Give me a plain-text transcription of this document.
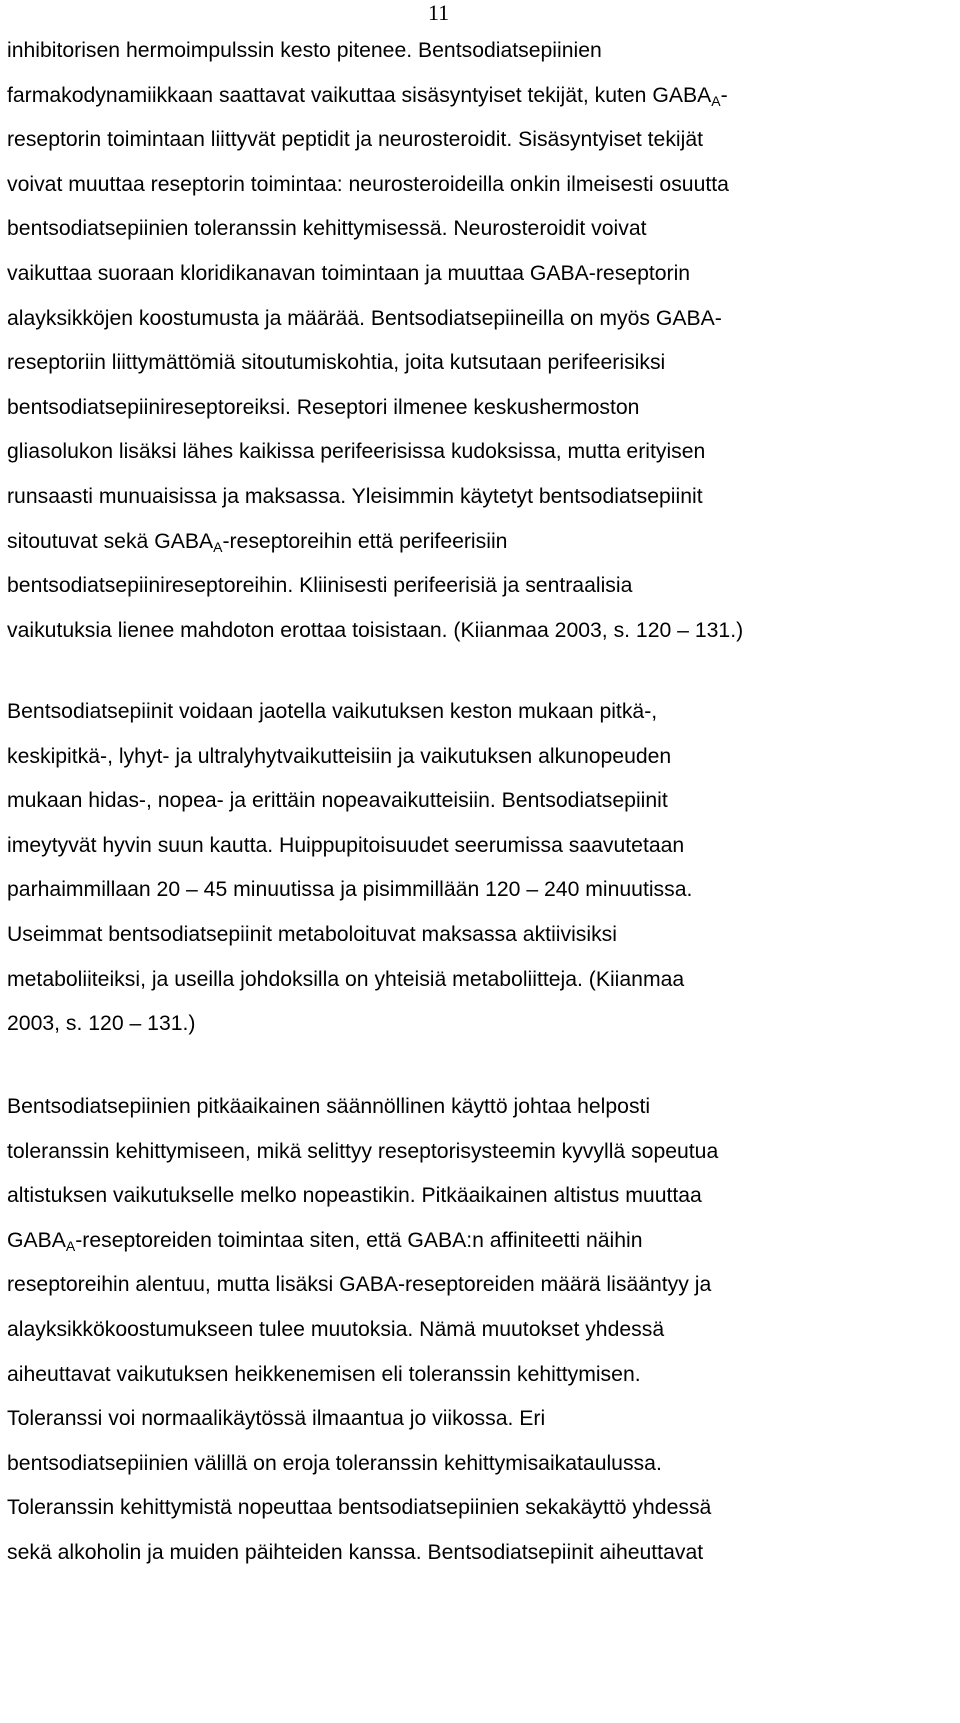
11
inhibitorisen hermoimpulssin kesto pitenee. Bentsodiatsepiinien
farmakodynamiikkaan saattavat vaikuttaa sisäsyntyiset tekijät, kuten $GABA_A-$
reseptorin toimintaan liittyvät peptidit ja neurosteroidit. Sisäsyntyiset tekijät
voivat muuttaa reseptorin toimintaa: neurosteroideilla onkin ilmeisesti osuutta
bentsodiatsepiinien toleranssin kehittymisessä. Neurosteroidit voivat
vaikuttaa suoraan kloridikanavan toimintaan ja muuttaa GABA-reseptorin
alayksikköjen koostumusta ja määrää. Bentsodiatsepiineilla on myös GABA-
reseptoriin liittymättömiä sitoutumiskohtia, joita kutsutaan perifeerisiksi
bentsodiatsepiinireseptoreiksi. Reseptori ilmenee keskushermoston
gliasolukon lisäksi lähes kaikissa perifeerisissa kudoksissa, mutta erityisen
runsaasti munuaisissa ja maksassa. Yleisimmin käytetyt bentsodiatsepiinit
sitoutuvat sekä $GABA_A$-reseptoreihin että perifeerisiin
bentsodiatsepiinireseptoreihin. Kliinisesti perifeerisiä ja sentraalisia
vaikutuksia lienee mahdoton erottaa toisistaan. (Kiianmaa 2003, s. 120 – 131.)
Bentsodiatsepiinit voidaan jaotella vaikutuksen keston mukaan pitkä-,
keskipitkä-, lyhyt- ja ultralyhytvaikutteisiin ja vaikutuksen alkunopeuden
mukaan hidas-, nopea- ja erittäin nopeavaikutteisiin. Bentsodiatsepiinit
imeytyvät hyvin suun kautta. Huippupitoisuudet seerumissa saavutetaan
parhaimmillaan 20 – 45 minuutissa ja pisimmillään 120 – 240 minuutissa.
Useimmat bentsodiatsepiinit metaboloituvat maksassa aktiivisiksi
metaboliiteiksi, ja useilla johdoksilla on yhteisiä metaboliitteja. (Kiianmaa
2003, s. 120 – 131.)
Bentsodiatsepiinien pitkäaikainen säännöllinen käyttö johtaa helposti
toleranssin kehittymiseen, mikä selittyy reseptorisysteemin kyvyllä sopeutua
altistuksen vaikutukselle melko nopeastikin. Pitkäaikainen altistus muuttaa
$GABA_A$-reseptoreiden toimintaa siten, että GABA:n affiniteetti näihin
reseptoreihin alentuu, mutta lisäksi GABA-reseptoreiden määrä lisääntyy ja
alayksikkökoostumukseen tulee muutoksia. Nämä muutokset yhdessä
aiheuttavat vaikutuksen heikkenemisen eli toleranssin kehittymisen.
Toleranssi voi normaalikäytössä ilmaantua jo viikossa. Eri
bentsodiatsepiinien välillä on eroja toleranssin kehittymisaikataulussa.
Toleranssin kehittymistä nopeuttaa bentsodiatsepiinien sekakäyttö yhdessä
sekä alkoholin ja muiden päihteiden kanssa. Bentsodiatsepiinit aiheuttavat
